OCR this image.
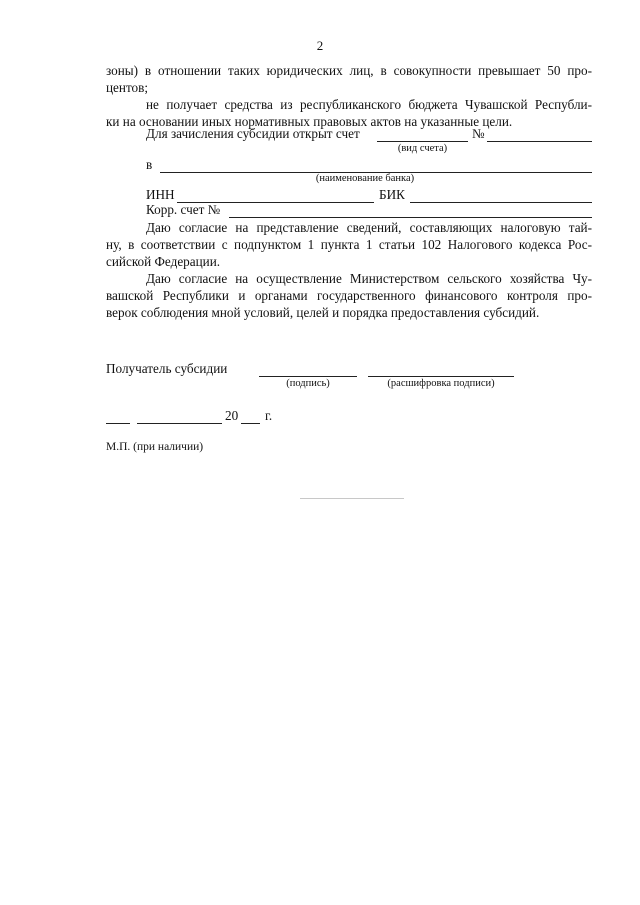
2
зоны) в отношении таких юридических лиц, в совокупности превышает 50 про-
центов;
не получает средства из республиканского бюджета Чувашской Республи-
ки на основании иных нормативных правовых актов на указанные цели.
Для зачисления субсидии открыт счет	№
(вид счета)
в
(наименование банка)
ИНН	БИК
Корр. счет №
Даю согласие на представление сведений, составляющих налоговую тай-
ну, в соответствии с подпунктом 1 пункта 1 статьи 102 Налогового кодекса Рос-
сийской Федерации.
Даю согласие на осуществление Министерством сельского хозяйства Чу-
вашской Республики и органами государственного финансового контроля про-
верок соблюдения мной условий, целей и порядка предоставления субсидий.
Получатель субсидии
(подпись)	(расшифровка подписи)
20 г.
М.П. (при наличии)
